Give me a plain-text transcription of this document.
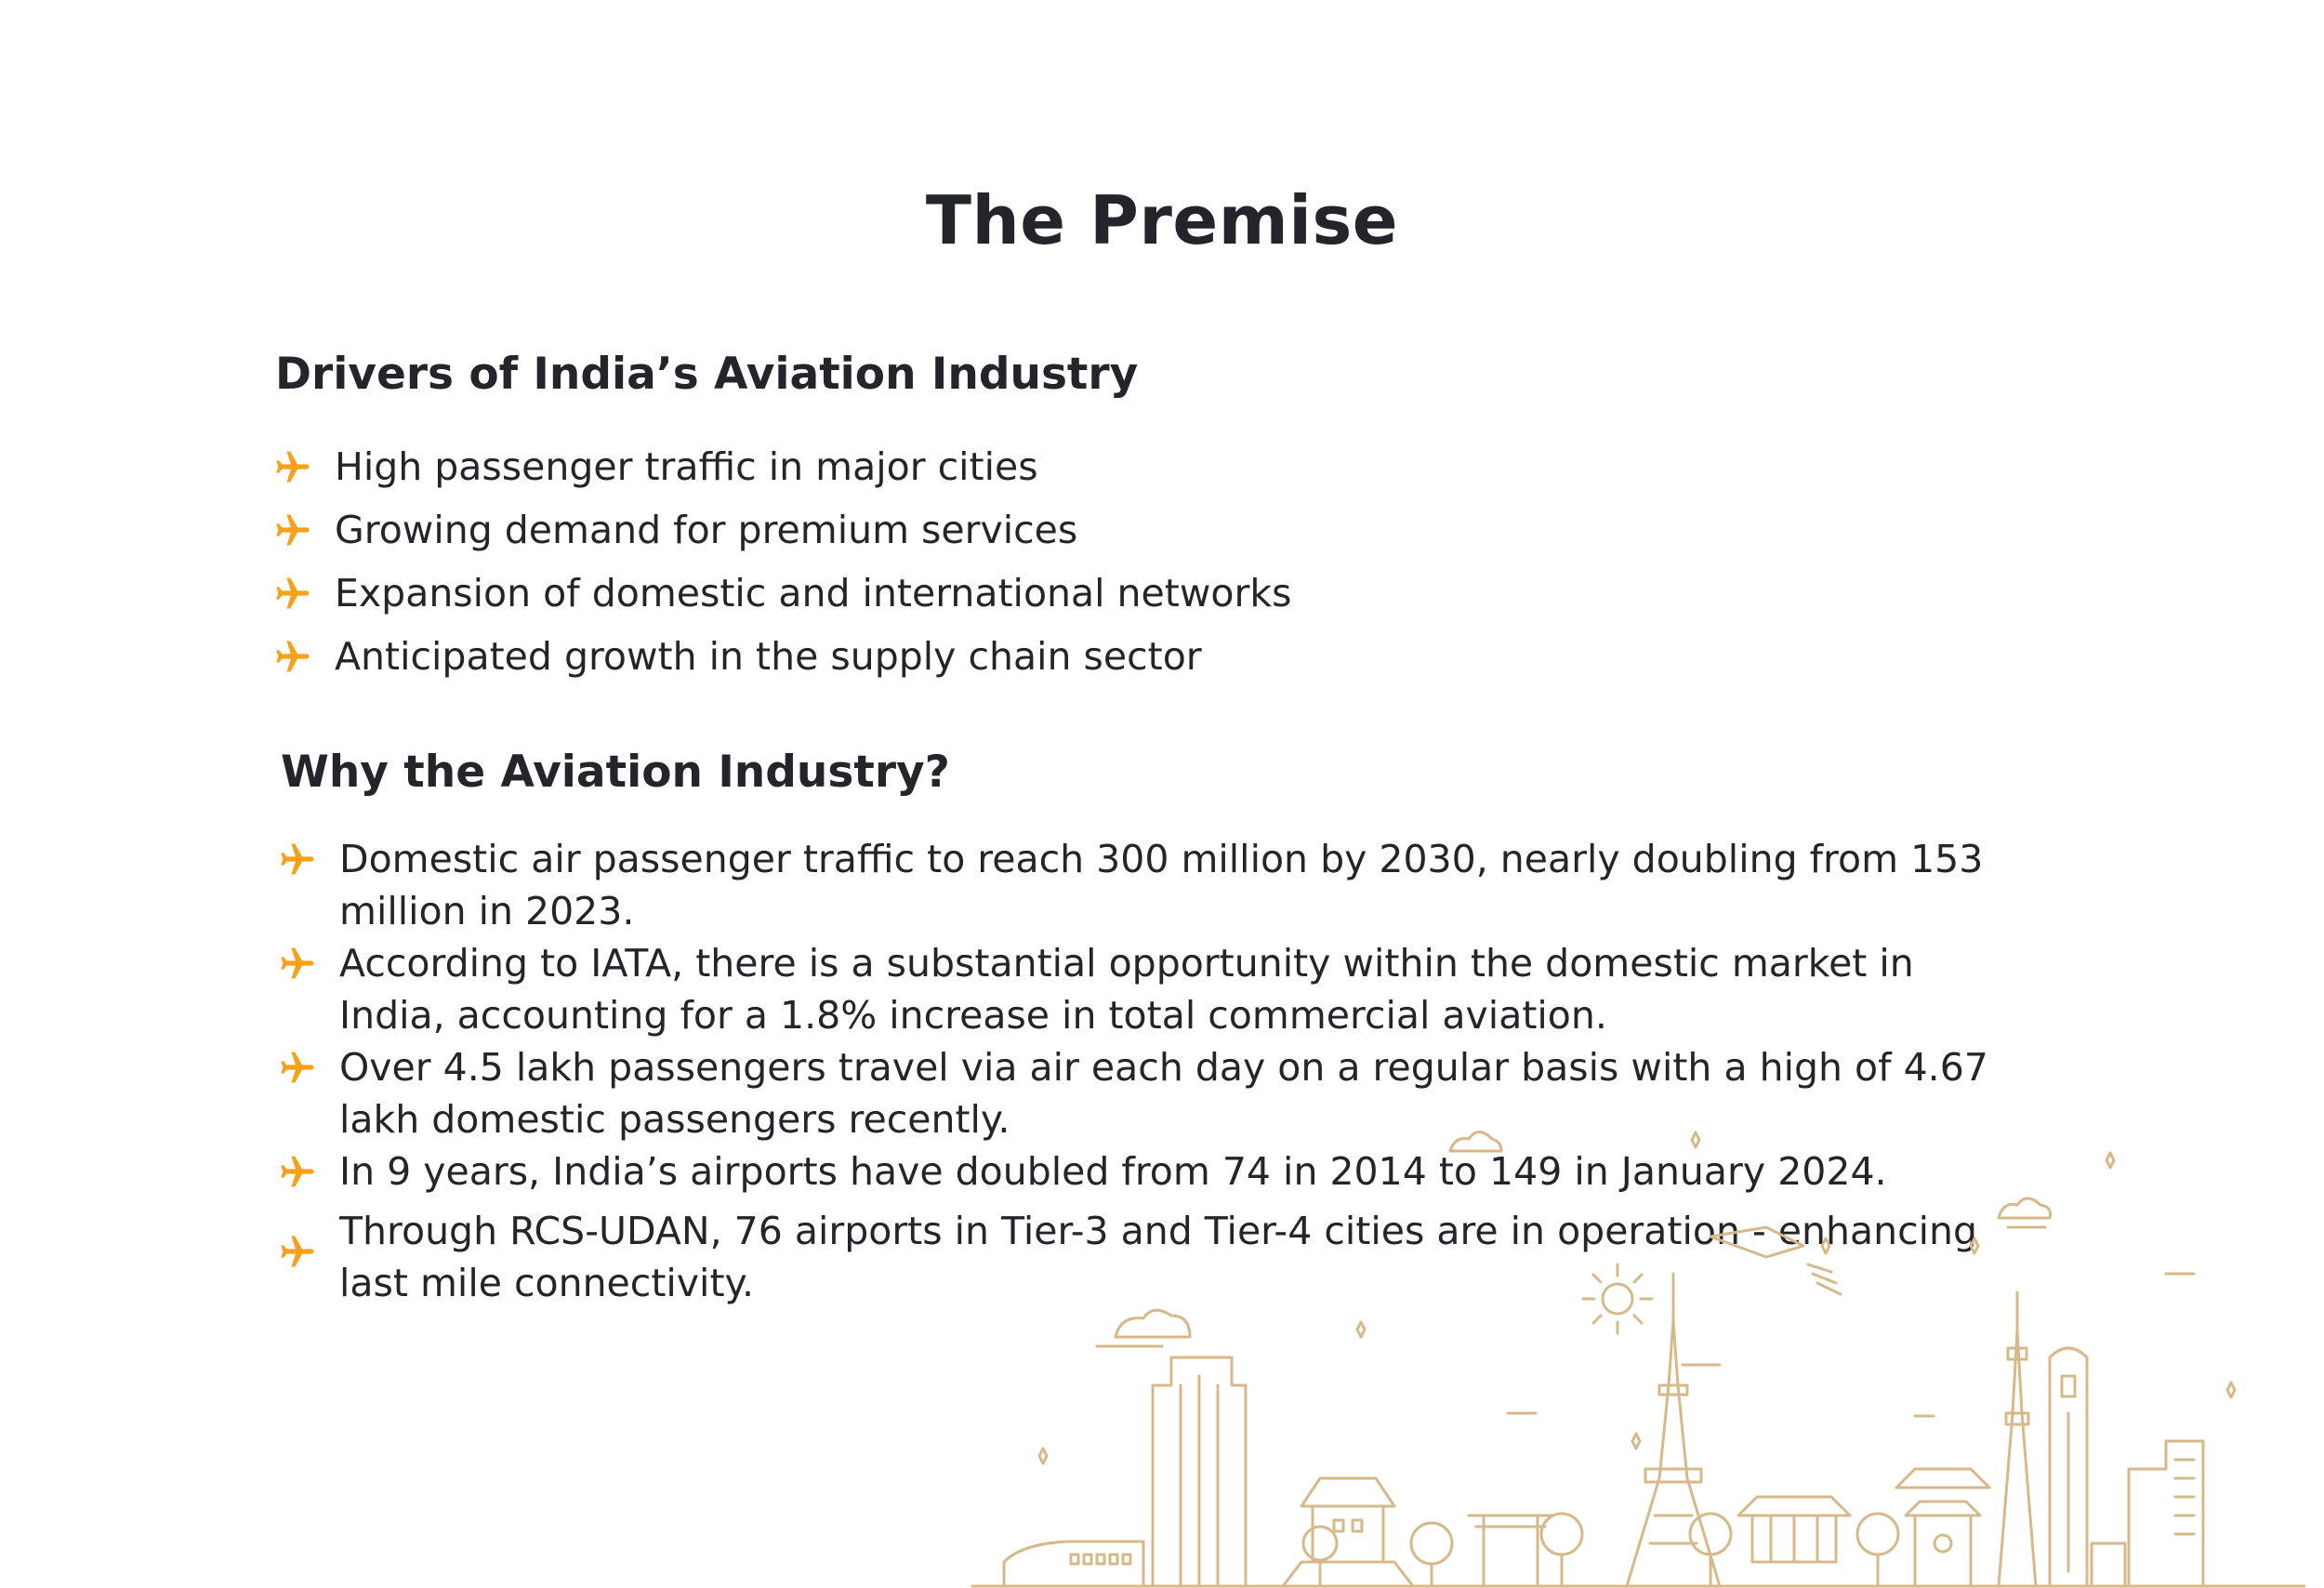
The Premise
Drivers of India’s Aviation Industry
High passenger traffic in major cities
Growing demand for premium services
Expansion of domestic and international networks
Anticipated growth in the supply chain sector
Why the Aviation Industry?
Domestic air passenger traffic to reach 300 million by 2030, nearly doubling from 153 million in 2023.
According to IATA, there is a substantial opportunity within the domestic market in India, accounting for a 1.8% increase in total commercial aviation.
Over 4.5 lakh passengers travel via air each day on a regular basis with a high of 4.67 lakh domestic passengers recently.
In 9 years, India’s airports have doubled from 74 in 2014 to 149 in January 2024.
Through RCS-UDAN, 76 airports in Tier-3 and Tier-4 cities are in operation - enhancing last mile connectivity.
